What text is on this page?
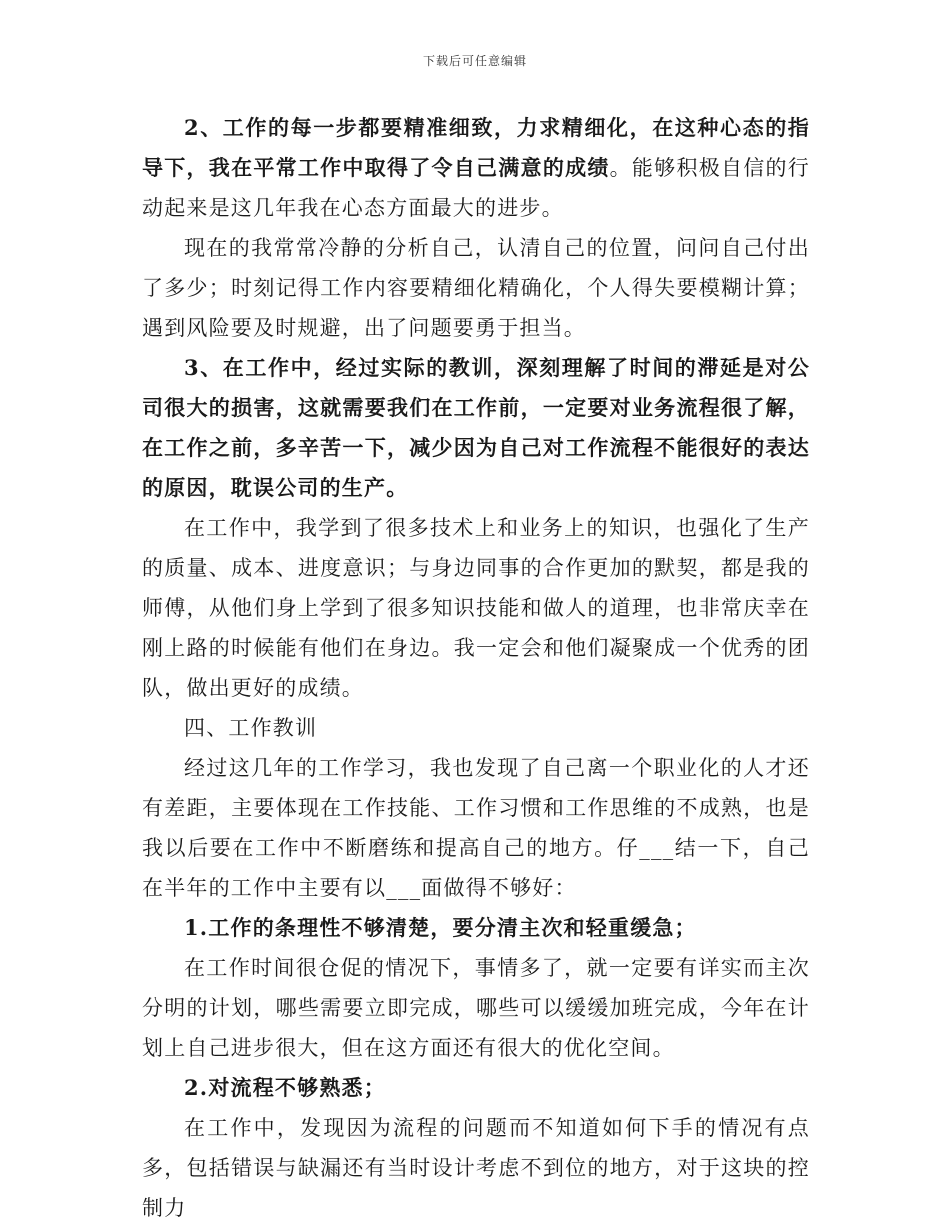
下载后可任意编辑

2、工作的每一步都要精准细致，力求精细化，在这种心态的指导下，我在平常工作中取得了令自己满意的成绩。能够积极自信的行动起来是这几年我在心态方面最大的进步。

现在的我常常冷静的分析自己，认清自己的位置，问问自己付出了多少；时刻记得工作内容要精细化精确化，个人得失要模糊计算；遇到风险要及时规避，出了问题要勇于担当。

3、在工作中，经过实际的教训，深刻理解了时间的滞延是对公司很大的损害，这就需要我们在工作前，一定要对业务流程很了解，在工作之前，多辛苦一下，减少因为自己对工作流程不能很好的表达的原因，耽误公司的生产。

在工作中，我学到了很多技术上和业务上的知识，也强化了生产的质量、成本、进度意识；与身边同事的合作更加的默契，都是我的师傅，从他们身上学到了很多知识技能和做人的道理，也非常庆幸在刚上路的时候能有他们在身边。我一定会和他们凝聚成一个优秀的团队，做出更好的成绩。

四、工作教训

经过这几年的工作学习，我也发现了自己离一个职业化的人才还有差距，主要体现在工作技能、工作习惯和工作思维的不成熟，也是我以后要在工作中不断磨练和提高自己的地方。仔___结一下，自己在半年的工作中主要有以___面做得不够好：

1.工作的条理性不够清楚，要分清主次和轻重缓急；

在工作时间很仓促的情况下，事情多了，就一定要有详实而主次分明的计划，哪些需要立即完成，哪些可以缓缓加班完成，今年在计划上自己进步很大，但在这方面还有很大的优化空间。

2.对流程不够熟悉；

在工作中，发现因为流程的问题而不知道如何下手的情况有点多，包括错误与缺漏还有当时设计考虑不到位的地方，对于这块的控制力
